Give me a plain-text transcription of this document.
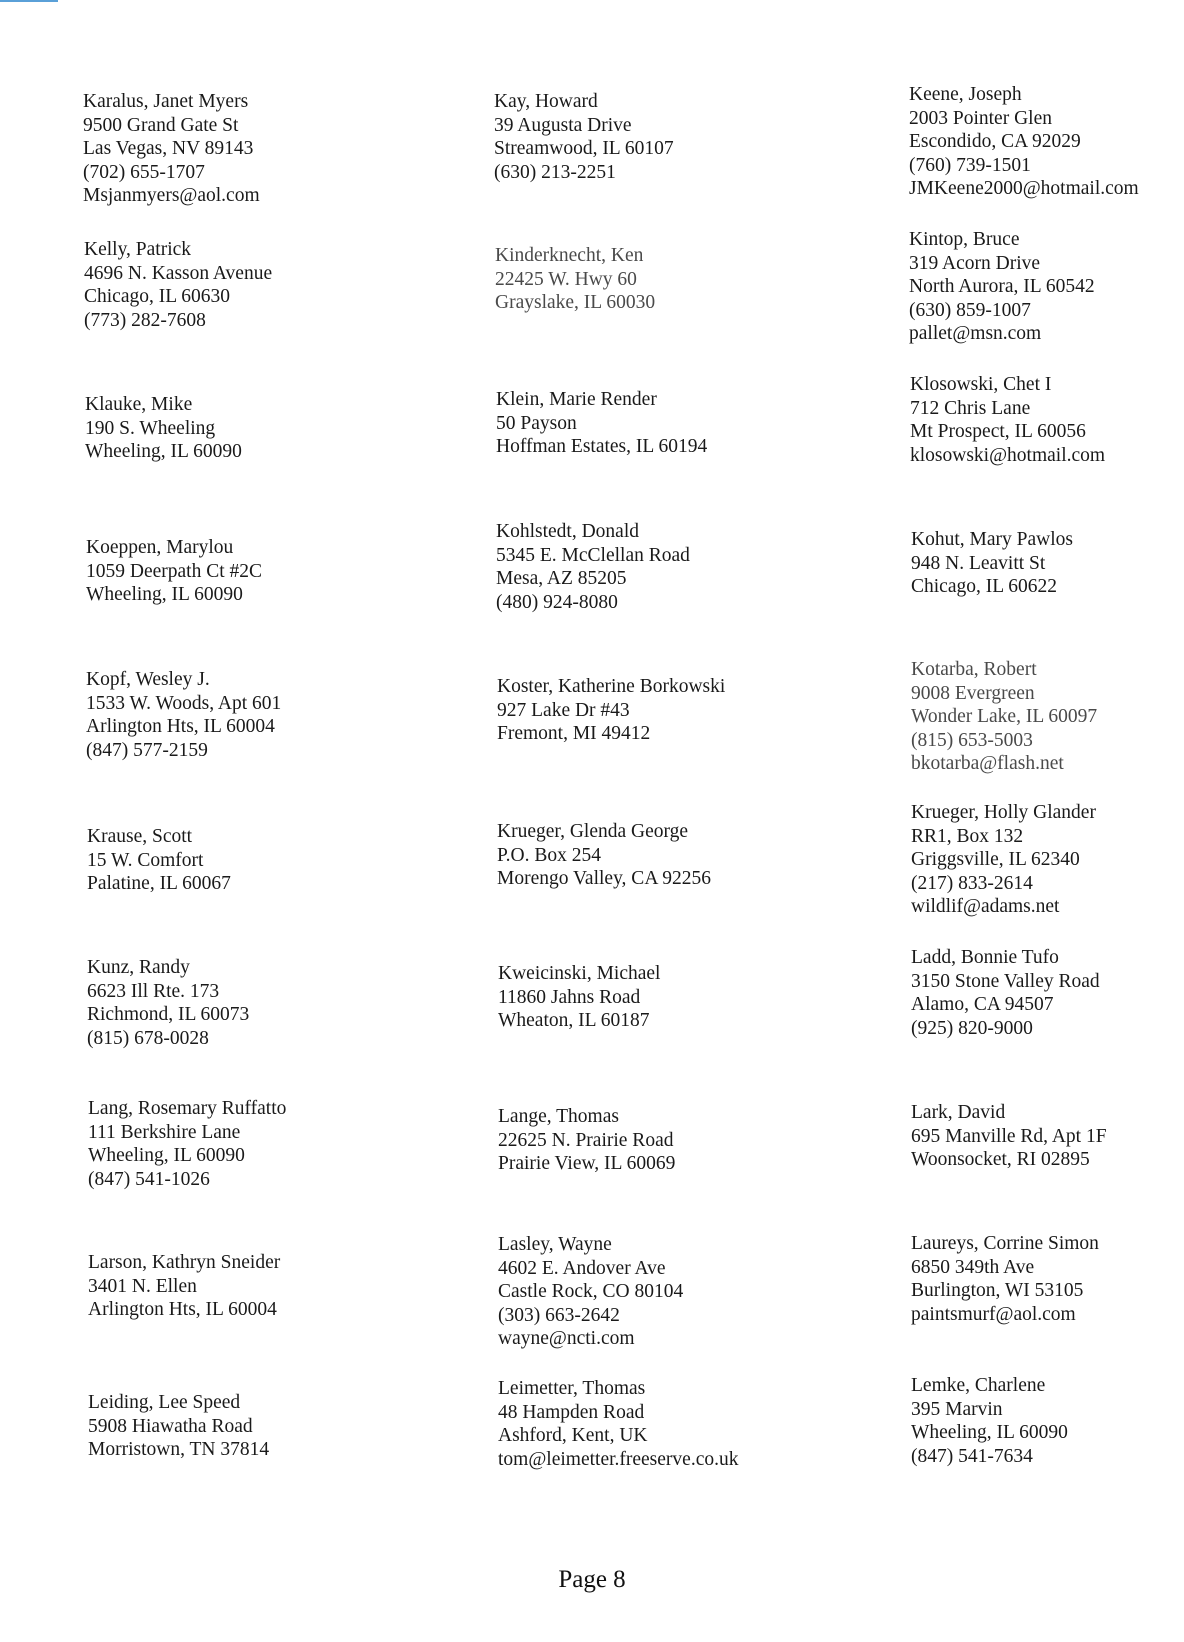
Karalus, Janet Myers
9500 Grand Gate St
Las Vegas, NV 89143
(702) 655-1707
Msjanmyers@aol.com
Kelly, Patrick
4696 N. Kasson Avenue
Chicago, IL 60630
(773) 282-7608
Klauke, Mike
190 S. Wheeling
Wheeling, IL 60090
Koeppen, Marylou
1059 Deerpath Ct #2C
Wheeling, IL 60090
Kopf, Wesley J.
1533 W. Woods, Apt 601
Arlington Hts, IL 60004
(847) 577-2159
Krause, Scott
15 W. Comfort
Palatine, IL 60067
Kunz, Randy
6623 Ill Rte. 173
Richmond, IL 60073
(815) 678-0028
Lang, Rosemary Ruffatto
111 Berkshire Lane
Wheeling, IL 60090
(847) 541-1026
Larson, Kathryn Sneider
3401 N. Ellen
Arlington Hts, IL 60004
Leiding, Lee Speed
5908 Hiawatha Road
Morristown, TN 37814
Kay, Howard
39 Augusta Drive
Streamwood, IL 60107
(630) 213-2251
Kinderknecht, Ken
22425 W. Hwy 60
Grayslake, IL 60030
Klein, Marie Render
50 Payson
Hoffman Estates, IL 60194
Kohlstedt, Donald
5345 E. McClellan Road
Mesa, AZ 85205
(480) 924-8080
Koster, Katherine Borkowski
927 Lake Dr #43
Fremont, MI 49412
Krueger, Glenda George
P.O. Box 254
Morengo Valley, CA 92256
Kweicinski, Michael
11860 Jahns Road
Wheaton, IL 60187
Lange, Thomas
22625 N. Prairie Road
Prairie View, IL 60069
Lasley, Wayne
4602 E. Andover Ave
Castle Rock, CO 80104
(303) 663-2642
wayne@ncti.com
Leimetter, Thomas
48 Hampden Road
Ashford, Kent, UK
tom@leimetter.freeserve.co.uk
Keene, Joseph
2003 Pointer Glen
Escondido, CA 92029
(760) 739-1501
JMKeene2000@hotmail.com
Kintop, Bruce
319 Acorn Drive
North Aurora, IL 60542
(630) 859-1007
pallet@msn.com
Klosowski, Chet I
712 Chris Lane
Mt Prospect, IL 60056
klosowski@hotmail.com
Kohut, Mary Pawlos
948 N. Leavitt St
Chicago, IL 60622
Kotarba, Robert
9008 Evergreen
Wonder Lake, IL 60097
(815) 653-5003
bkotarba@flash.net
Krueger, Holly Glander
RR1, Box 132
Griggsville, IL 62340
(217) 833-2614
wildlif@adams.net
Ladd, Bonnie Tufo
3150 Stone Valley Road
Alamo, CA 94507
(925) 820-9000
Lark, David
695 Manville Rd, Apt 1F
Woonsocket, RI 02895
Laureys, Corrine Simon
6850 349th Ave
Burlington, WI 53105
paintsmurf@aol.com
Lemke, Charlene
395 Marvin
Wheeling, IL 60090
(847) 541-7634
Page 8
